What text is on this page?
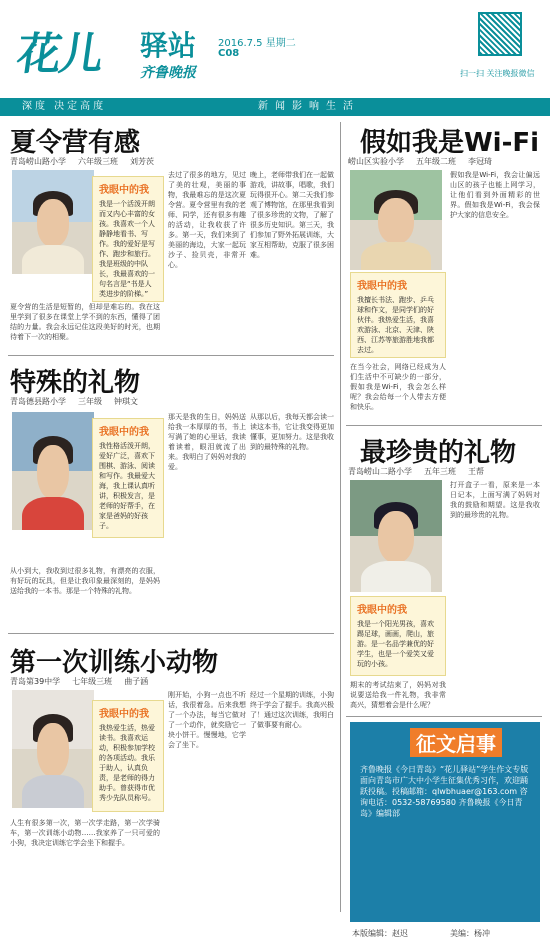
花儿 驿站 2016.7.5 星期二
C08
齐鲁晚报	扫一扫 关注晚报微信
深度 决定高度	新闻影响生活
夏令营有感
青岛崂山路小学 六年级三班 刘芳茨
我眼中的我
我是一个活泼开朗而又内心丰富的女孩。我喜欢一个人静静地看书、写作。我的爱好是写作、跑步和旅行。我是班级的中队长，我最喜欢的一句名言是“书是人类进步的阶梯。”
去过了很多的地方，见过了美的壮观，美丽的事物，我最难忘的是这次夏令营。夏令营里有我的老师、同学，还有很多有趣的活动，让我收获了许多。第一天，我们来到了美丽的海边，大家一起玩沙子、捡贝壳，非常开心。
晚上，老师带我们在一起做游戏，讲故事，唱歌，我们玩得很开心。第二天我们参观了博物馆，在那里我看到了很多珍贵的文物，了解了很多历史知识。第三天，我们参加了野外拓展训练，大家互相帮助，克服了很多困难。
夏令营的生活是短暂的，但却是难忘的。我在这里学到了很多在课堂上学不到的东西，懂得了团结的力量。我会永远记住这段美好的时光，也期待着下一次的相聚。
特殊的礼物
青岛德县路小学 三年级 钟琪文
我眼中的我
我性格活泼开朗，爱好广泛，喜欢下围棋、游泳、阅读和写作。我最爱大海，我上课认真听讲，积极发言，是老师的好帮手，在家是爸妈的好孩子。
那天是我的生日，妈妈送给我一本厚厚的书，书上写满了她的心里话，我读着读着，眼泪就流了出来。我明白了妈妈对我的爱。
从那以后，我每天都会读一读这本书，它让我变得更加懂事，更加努力。这是我收到的最特殊的礼物。
从小到大，我收到过很多礼物，有漂亮的衣服，有好玩的玩具，但是让我印象最深刻的，是妈妈送给我的一本书。那是一个特殊的礼物。
第一次训练小动物
青岛第39中学 七年级三班 曲子涵
我眼中的我
我热爱生活，热爱读书。我喜欢运动，积极参加学校的各项活动。我乐于助人，认真负责，是老师的得力助手。曾获得市优秀少先队员称号。
刚开始，小狗一点也不听话，我很着急。后来我想了一个办法，每当它做对了一个动作，就奖励它一块小饼干。慢慢地，它学会了坐下。
经过一个星期的训练，小狗终于学会了握手。我高兴极了！通过这次训练，我明白了做事要有耐心。
人生有很多第一次，第一次学走路，第一次学骑车，第一次训练小动物……我家养了一只可爱的小狗，我决定训练它学会坐下和握手。
假如我是Wi-Fi
崂山区实验小学 五年级二班 李冠琦
我眼中的我
我擅长书法、跑步、乒乓球和作文，是同学们的好伙伴。我热爱生活，我喜欢游泳、北京、天津、陕西、江苏等旅游胜地我都去过。
假如我是Wi-Fi，我会让偏远山区的孩子也能上网学习，让他们看到外面精彩的世界。假如我是Wi-Fi，我会保护大家的信息安全。
在当今社会，网络已经成为人们生活中不可缺少的一部分，假如我是Wi-Fi，我会怎么样呢？我会给每一个人带去方便和快乐。
最珍贵的礼物
青岛崂山二路小学 五年三班 王帮
我眼中的我
我是一个阳光男孩，喜欢踢足球，画画，爬山，旅游。是一名品学兼优的好学生，也是一个爱笑又爱玩的小孩。
打开盒子一看，原来是一本日记本，上面写满了妈妈对我的鼓励和期望。这是我收到的最珍贵的礼物。
期末的考试结束了，妈妈对我说要送给我一件礼物，我非常高兴，猜想着会是什么呢？
征文启事
齐鲁晚报《今日青岛》“花儿驿站”学生作文专版面向青岛市广大中小学生征集优秀习作，欢迎踊跃投稿。投稿邮箱：qlwbhuaer@163.com 咨询电话：0532-58769580 齐鲁晚报《今日青岛》编辑部
本版编辑：赵迟	美编：杨冲
